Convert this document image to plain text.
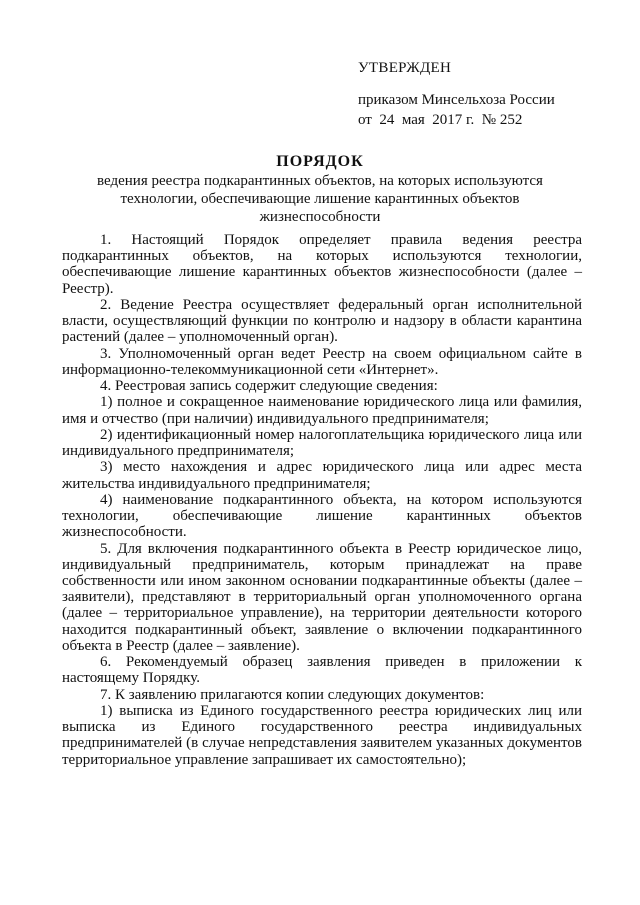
УТВЕРЖДЕН
приказом Минсельхоза России
от  24  мая  2017 г.  № 252
ПОРЯДОК
ведения реестра подкарантинных объектов, на которых используются технологии, обеспечивающие лишение карантинных объектов жизнеспособности

1. Настоящий Порядок определяет правила ведения реестра подкарантинных объектов, на которых используются технологии, обеспечивающие лишение карантинных объектов жизнеспособности (далее – Реестр).

2. Ведение Реестра осуществляет федеральный орган исполнительной власти, осуществляющий функции по контролю и надзору в области карантина растений (далее – уполномоченный орган).

3. Уполномоченный орган ведет Реестр на своем официальном сайте в информационно-телекоммуникационной сети «Интернет».

4. Реестровая запись содержит следующие сведения:

1) полное и сокращенное наименование юридического лица или фамилия, имя и отчество (при наличии) индивидуального предпринимателя;

2) идентификационный номер налогоплательщика юридического лица или индивидуального предпринимателя;

3) место нахождения и адрес юридического лица или адрес места жительства индивидуального предпринимателя;

4) наименование подкарантинного объекта, на котором используются технологии, обеспечивающие лишение карантинных объектов жизнеспособности.

5. Для включения подкарантинного объекта в Реестр юридическое лицо, индивидуальный предприниматель, которым принадлежат на праве собственности или ином законном основании подкарантинные объекты (далее – заявители), представляют в территориальный орган уполномоченного органа (далее – территориальное управление), на территории деятельности которого находится подкарантинный объект, заявление о включении подкарантинного объекта в Реестр (далее – заявление).

6. Рекомендуемый образец заявления приведен в приложении к настоящему Порядку.

7. К заявлению прилагаются копии следующих документов:

1) выписка из Единого государственного реестра юридических лиц или выписка из Единого государственного реестра индивидуальных предпринимателей (в случае непредставления заявителем указанных документов территориальное управление запрашивает их самостоятельно);
